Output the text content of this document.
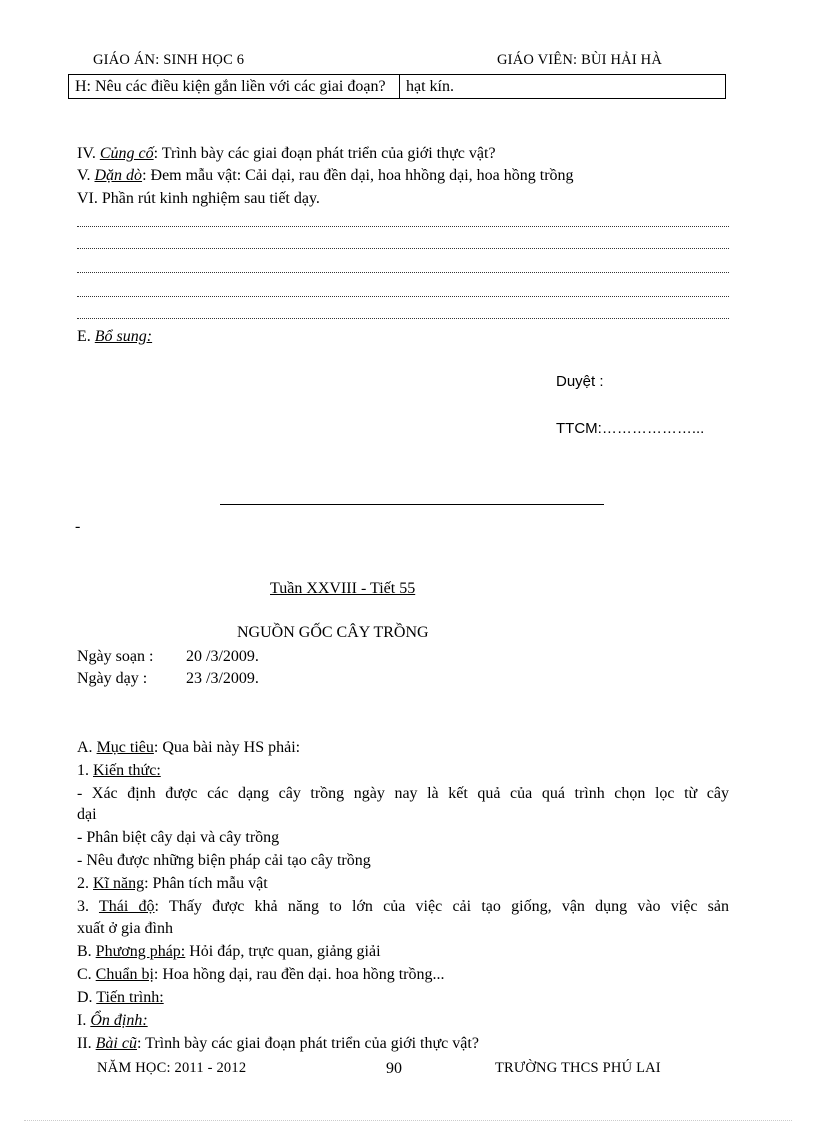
GIÁO ÁN: SINH HỌC 6	GIÁO VIÊN: BÙI HẢI HÀ
H: Nêu các điều kiện gắn liền với các giai đoạn?	hạt kín.
IV. Củng cố: Trình bày các giai đoạn phát triển của giới thực vật?
V. Dặn dò: Đem mẫu vật: Cải dại, rau đền dại, hoa hhồng dại, hoa hồng trồng
VI. Phần rút kinh nghiệm sau tiết dạy.
E. Bổ sung:
Duyệt :
TTCM:………………...
-
Tuần XXVIII - Tiết 55
NGUỒN GỐC CÂY TRỒNG
Ngày soạn : 20 /3/2009.
Ngày dạy : 23 /3/2009.
A. Mục tiêu: Qua bài này HS phải:
1. Kiến thức:
- Xác định được các dạng cây trồng ngày nay là kết quả của quá trình chọn lọc từ cây
dại
- Phân biệt cây dại và cây trồng
- Nêu được những biện pháp cải tạo cây trồng
2. Kĩ năng: Phân tích mẫu vật
3. Thái độ: Thấy được khả năng to lớn của việc cải tạo giống, vận dụng vào việc sản
xuất ở gia đình
B. Phương pháp: Hỏi đáp, trực quan, giảng giải
C. Chuẩn bị: Hoa hồng dại, rau đền dại. hoa hồng trồng...
D. Tiến trình:
I. Ổn định:
II. Bài cũ: Trình bày các giai đoạn phát triển của giới thực vật?
NĂM HỌC: 2011 - 2012	90	TRƯỜNG THCS PHÚ LAI
